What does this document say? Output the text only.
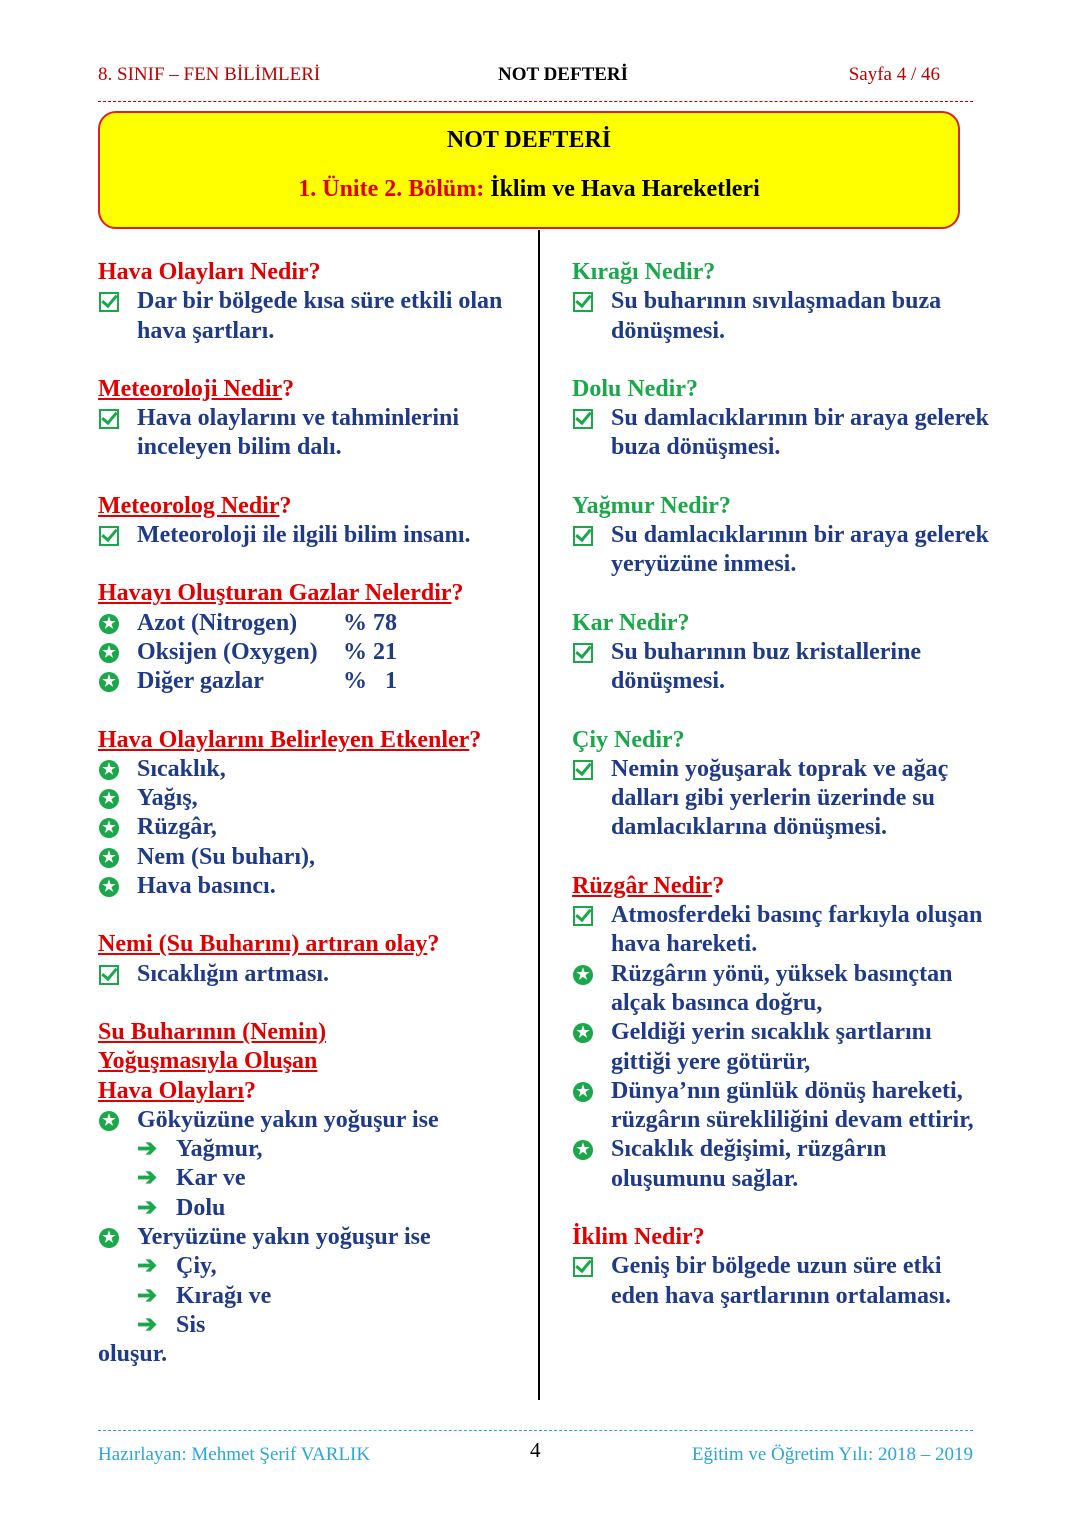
8. SINIF – FEN BİLİMLERİ	NOT DEFTERİ	Sayfa 4 / 46
NOT DEFTERİ
1. Ünite 2. Bölüm: İklim ve Hava Hareketleri
Hava Olayları Nedir?
Dar bir bölgede kısa süre etkili olan hava şartları.
Meteoroloji Nedir?
Hava olaylarını ve tahminlerini inceleyen bilim dalı.
Meteorolog Nedir?
Meteoroloji ile ilgili bilim insanı.
Havayı Oluşturan Gazlar Nelerdir?
★ Azot (Nitrogen) % 78
★ Oksijen (Oxygen) % 21
★ Diğer gazlar	%   1
Hava Olaylarını Belirleyen Etkenler?
★ Sıcaklık,
★ Yağış,
★ Rüzgâr,
★ Nem (Su buharı),
★ Hava basıncı.
Nemi (Su Buharını) artıran olay?
Sıcaklığın artması.
Su Buharının (Nemin)
Yoğuşmasıyla Oluşan
Hava Olayları?
★ Gökyüzüne yakın yoğuşur ise
➔ Yağmur,
➔ Kar ve
➔ Dolu
★ Yeryüzüne yakın yoğuşur ise
➔ Çiy,
➔ Kırağı ve
➔ Sis
oluşur.
Kırağı Nedir?
Su buharının sıvılaşmadan buza dönüşmesi.
Dolu Nedir?
Su damlacıklarının bir araya gelerek buza dönüşmesi.
Yağmur Nedir?
Su damlacıklarının bir araya gelerek yeryüzüne inmesi.
Kar Nedir?
Su buharının buz kristallerine dönüşmesi.
Çiy Nedir?
Nemin yoğuşarak toprak ve ağaç dalları gibi yerlerin üzerinde su damlacıklarına dönüşmesi.
Rüzgâr Nedir?
Atmosferdeki basınç farkıyla oluşan hava hareketi.
★ Rüzgârın yönü, yüksek basınçtan alçak basınca doğru,
★ Geldiği yerin sıcaklık şartlarını gittiği yere götürür,
★ Dünya’nın günlük dönüş hareketi, rüzgârın sürekliliğini devam ettirir,
★ Sıcaklık değişimi, rüzgârın oluşumunu sağlar.
İklim Nedir?
Geniş bir bölgede uzun süre etki eden hava şartlarının ortalaması.
Hazırlayan: Mehmet Şerif VARLIK	4	Eğitim ve Öğretim Yılı: 2018 – 2019
